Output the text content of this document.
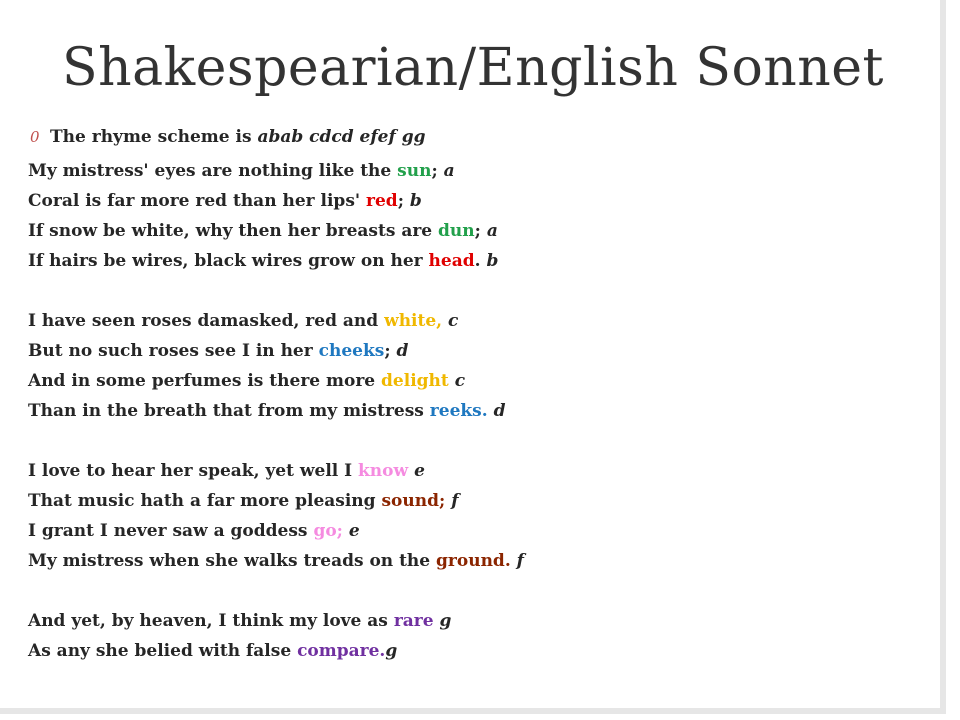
Shakespearian/English Sonnet
0 The rhyme scheme is abab cdcd efef gg
My mistress' eyes are nothing like the sun; a
Coral is far more red than her lips' red; b
If snow be white, why then her breasts are dun; a
If hairs be wires, black wires grow on her head. b
I have seen roses damasked, red and white, c
But no such roses see I in her cheeks; d
And in some perfumes is there more delight c
Than in the breath that from my mistress reeks. d
I love to hear her speak, yet well I know e
That music hath a far more pleasing sound; f
I grant I never saw a goddess go; e
My mistress when she walks treads on the ground. f
And yet, by heaven, I think my love as rare g
As any she belied with false compare.g
